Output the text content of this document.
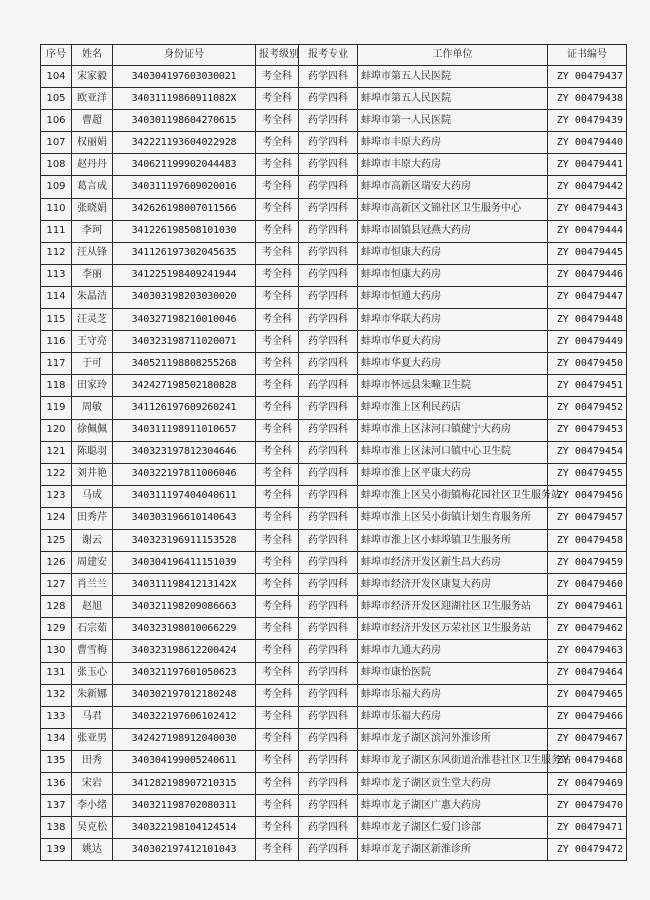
序号	姓名	身份证号	报考级别	报考专业	工作单位	证书编号
104	宋家毅	340304197603030021	考全科	药学四科	蚌埠市第五人民医院	ZY 00479437
105	欧亚洋	34031119860911082X	考全科	药学四科	蚌埠市第五人民医院	ZY 00479438
106	曹超	340301198604270615	考全科	药学四科	蚌埠市第一人民医院	ZY 00479439
107	权丽娟	342221193604022928	考全科	药学四科	蚌埠市丰原大药房	ZY 00479440
108	赵丹丹	340621199902044483	考全科	药学四科	蚌埠市丰原大药房	ZY 00479441
109	葛言成	340311197609020016	考全科	药学四科	蚌埠市高新区瑞安大药房	ZY 00479442
110	张晓娟	342626198007011566	考全科	药学四科	蚌埠市高新区文锦社区卫生服务中心	ZY 00479443
111	李珂	341226198508101030	考全科	药学四科	蚌埠市固镇县冠燕大药房	ZY 00479444
112	汪从锋	341126197302045635	考全科	药学四科	蚌埠市恒康大药房	ZY 00479445
113	李丽	341225198409241944	考全科	药学四科	蚌埠市恒康大药房	ZY 00479446
114	朱晶洁	340303198203030020	考全科	药学四科	蚌埠市恒通大药房	ZY 00479447
115	汪灵芝	340327198210010046	考全科	药学四科	蚌埠市华联大药房	ZY 00479448
116	王守亮	340323198711020071	考全科	药学四科	蚌埠市华夏大药房	ZY 00479449
117	于可	340521198808255268	考全科	药学四科	蚌埠市华夏大药房	ZY 00479450
118	田家玲	342427198502180828	考全科	药学四科	蚌埠市怀远县朱疃卫生院	ZY 00479451
119	周敏	341126197609260241	考全科	药学四科	蚌埠市淮上区利民药店	ZY 00479452
120	徐佩佩	340311198911010657	考全科	药学四科	蚌埠市淮上区沫河口镇健宁大药房	ZY 00479453
121	陈聪羽	340323197812304646	考全科	药学四科	蚌埠市淮上区沫河口镇中心卫生院	ZY 00479454
122	刘井艳	340322197811006046	考全科	药学四科	蚌埠市淮上区平康大药房	ZY 00479455
123	马成	340311197404040611	考全科	药学四科	蚌埠市淮上区吴小街镇梅花园社区卫生服务站	ZY 00479456
124	田秀芹	340303196610140643	考全科	药学四科	蚌埠市淮上区吴小街镇计划生育服务所	ZY 00479457
125	谢云	340323196911153528	考全科	药学四科	蚌埠市淮上区小蚌埠镇卫生服务所	ZY 00479458
126	周建安	340304196411151039	考全科	药学四科	蚌埠市经济开发区新生昌大药房	ZY 00479459
127	肖兰兰	34031119841213142X	考全科	药学四科	蚌埠市经济开发区康复大药房	ZY 00479460
128	赵旭	340321198209086663	考全科	药学四科	蚌埠市经济开发区迎湖社区卫生服务站	ZY 00479461
129	石宗茹	340323198010066229	考全科	药学四科	蚌埠市经济开发区万荣社区卫生服务站	ZY 00479462
130	曹雪梅	340323198612200424	考全科	药学四科	蚌埠市九通大药房	ZY 00479463
131	张玉心	340321197601050623	考全科	药学四科	蚌埠市康怡医院	ZY 00479464
132	朱新娜	340302197012180248	考全科	药学四科	蚌埠市乐福大药房	ZY 00479465
133	马君	340322197606102412	考全科	药学四科	蚌埠市乐福大药房	ZY 00479466
134	张亚男	342427198912040030	考全科	药学四科	蚌埠市龙子湖区滨河外淮诊所	ZY 00479467
135	田秀	340304199005240611	考全科	药学四科	蚌埠市龙子湖区东风街道治淮巷社区卫生服务站	ZY 00479468
136	宋岩	341282198907210315	考全科	药学四科	蚌埠市龙子湖区贡生堂大药房	ZY 00479469
137	李小绪	340321198702080311	考全科	药学四科	蚌埠市龙子湖区广惠大药房	ZY 00479470
138	吴克松	340322198104124514	考全科	药学四科	蚌埠市龙子湖区仁爱门诊部	ZY 00479471
139	姚达	340302197412101043	考全科	药学四科	蚌埠市龙子湖区新淮诊所	ZY 00479472
